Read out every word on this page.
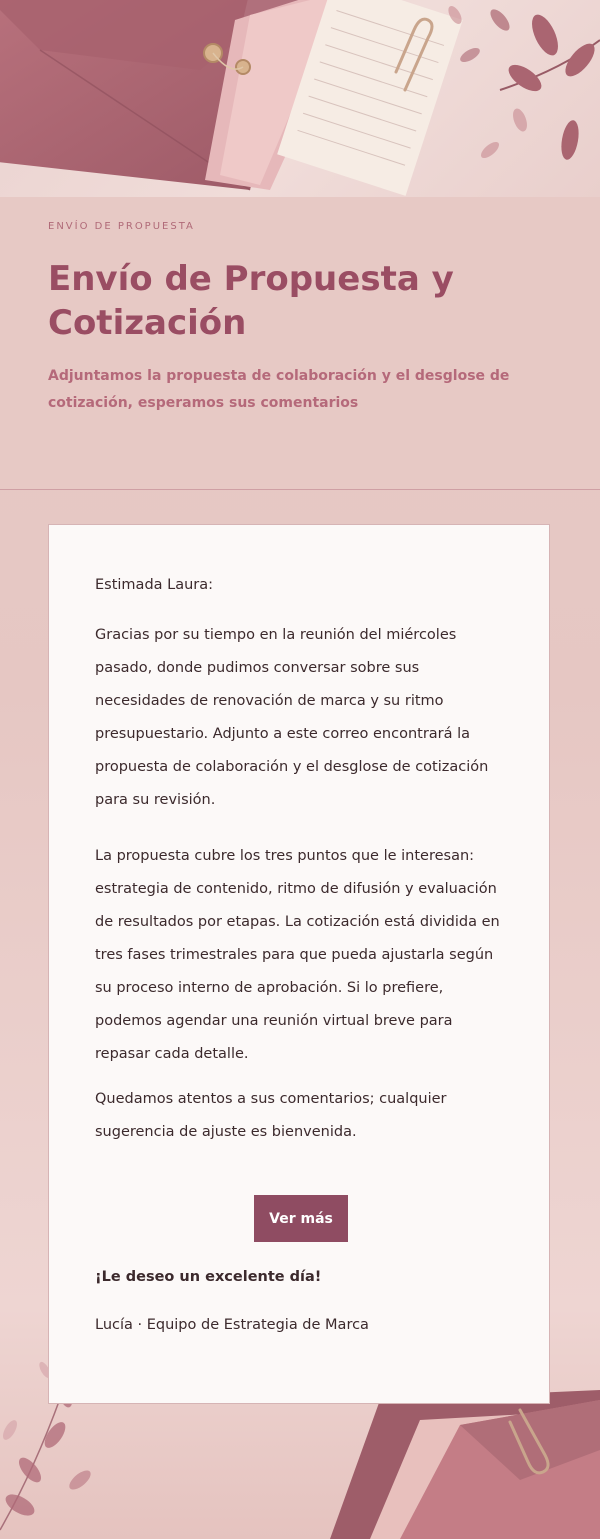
ENVÍO DE PROPUESTA
Envío de Propuesta y Cotización

Adjuntamos la propuesta de colaboración y el desglose de cotización, esperamos sus comentarios

Estimada Laura:

Gracias por su tiempo en la reunión del miércoles pasado, donde pudimos conversar sobre sus necesidades de renovación de marca y su ritmo presupuestario. Adjunto a este correo encontrará la propuesta de colaboración y el desglose de cotización para su revisión.

La propuesta cubre los tres puntos que le interesan: estrategia de contenido, ritmo de difusión y evaluación de resultados por etapas. La cotización está dividida en tres fases trimestrales para que pueda ajustarla según su proceso interno de aprobación. Si lo prefiere, podemos agendar una reunión virtual breve para repasar cada detalle.

Quedamos atentos a sus comentarios; cualquier sugerencia de ajuste es bienvenida.

Ver más

¡Le deseo un excelente día!

Lucía · Equipo de Estrategia de Marca
